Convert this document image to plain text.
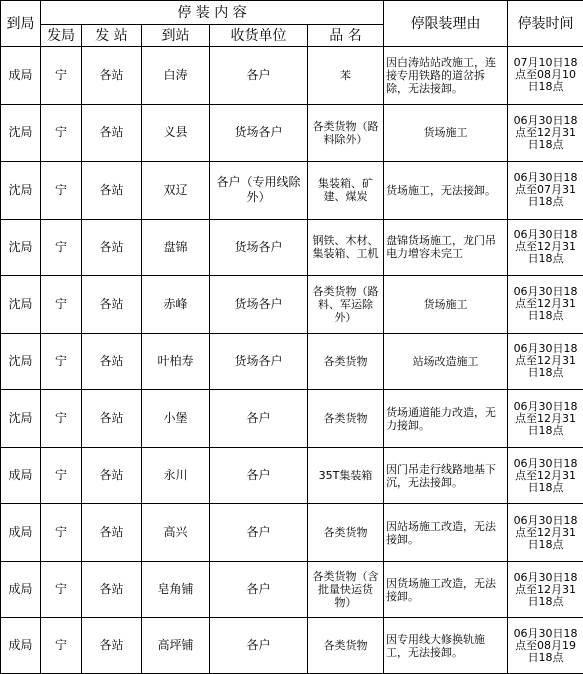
到局	停 装 内 容					停限装理由	停装时间
	发局	发 站	到站	收货单位	品 名		
成局	宁	各站	白涛	各户	苯	因白涛站站改施工，连接专用铁路的道岔拆除，无法接卸。	07月10日18点至08月10日18点
沈局	宁	各站	义县	货场各户	各类货物（路料除外）	货场施工	06月30日18点至12月31日18点
沈局	宁	各站	双辽	各户（专用线除外）	集装箱、矿建、煤炭	货场施工，无法接卸。	06月30日18点至07月31日18点
沈局	宁	各站	盘锦	货场各户	钢铁、木材、集装箱、工机	盘锦货场施工，龙门吊电力增容未完工	06月30日18点至12月31日18点
沈局	宁	各站	赤峰	货场各户	各类货物（路料、军运除外）	货场施工	06月30日18点至12月31日18点
沈局	宁	各站	叶柏寿	货场各户	各类货物	站场改造施工	06月30日18点至12月31日18点
沈局	宁	各站	小堡	各户	各类货物	货场通道能力改造，无力接卸。	06月30日18点至12月31日18点
成局	宁	各站	永川	各户	35T集装箱	因门吊走行线路地基下沉，无法接卸。	06月30日18点至12月31日18点
成局	宁	各站	高兴	各户	各类货物	因站场施工改造，无法接卸。	06月30日18点至12月31日18点
成局	宁	各站	皂角铺	各户	各类货物（含批量快运货物）	因货场施工改造，无法接卸。	06月30日18点至12月31日18点
成局	宁	各站	高坪铺	各户	各类货物	因专用线大修换轨施工，无法接卸。	06月30日18点至08月19日18点
